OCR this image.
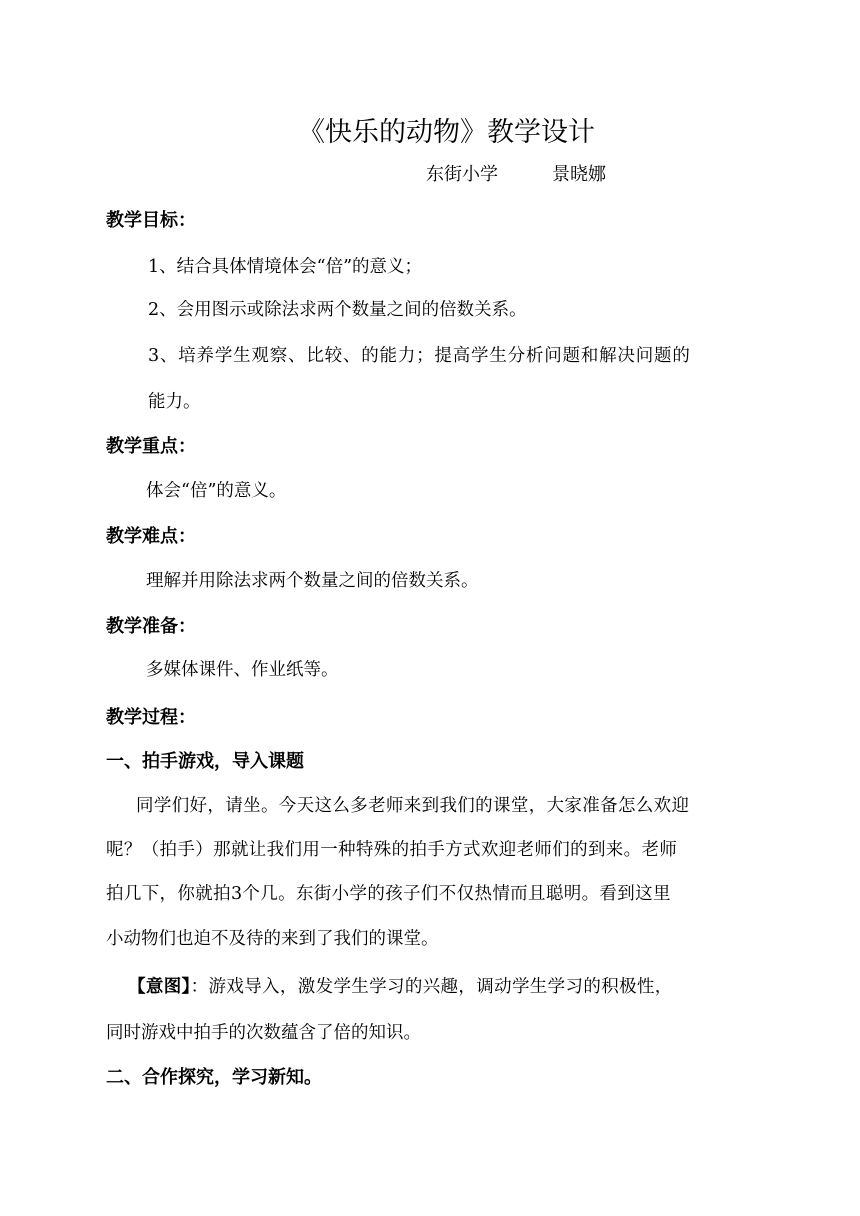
《快乐的动物》教学设计
东街小学	景晓娜
教学目标：
1、结合具体情境体会“倍”的意义；
2、会用图示或除法求两个数量之间的倍数关系。
3、培养学生观察、比较、的能力；提高学生分析问题和解决问题的
能力。
教学重点：
体会“倍”的意义。
教学难点：
理解并用除法求两个数量之间的倍数关系。
教学准备：
多媒体课件、作业纸等。
教学过程：
一、拍手游戏，导入课题
同学们好，请坐。今天这么多老师来到我们的课堂，大家准备怎么欢迎
呢？（拍手）那就让我们用一种特殊的拍手方式欢迎老师们的到来。老师
拍几下，你就拍3个几。东街小学的孩子们不仅热情而且聪明。看到这里
小动物们也迫不及待的来到了我们的课堂。
【意图】：游戏导入，激发学生学习的兴趣，调动学生学习的积极性，
同时游戏中拍手的次数蕴含了倍的知识。
二、合作探究，学习新知。
